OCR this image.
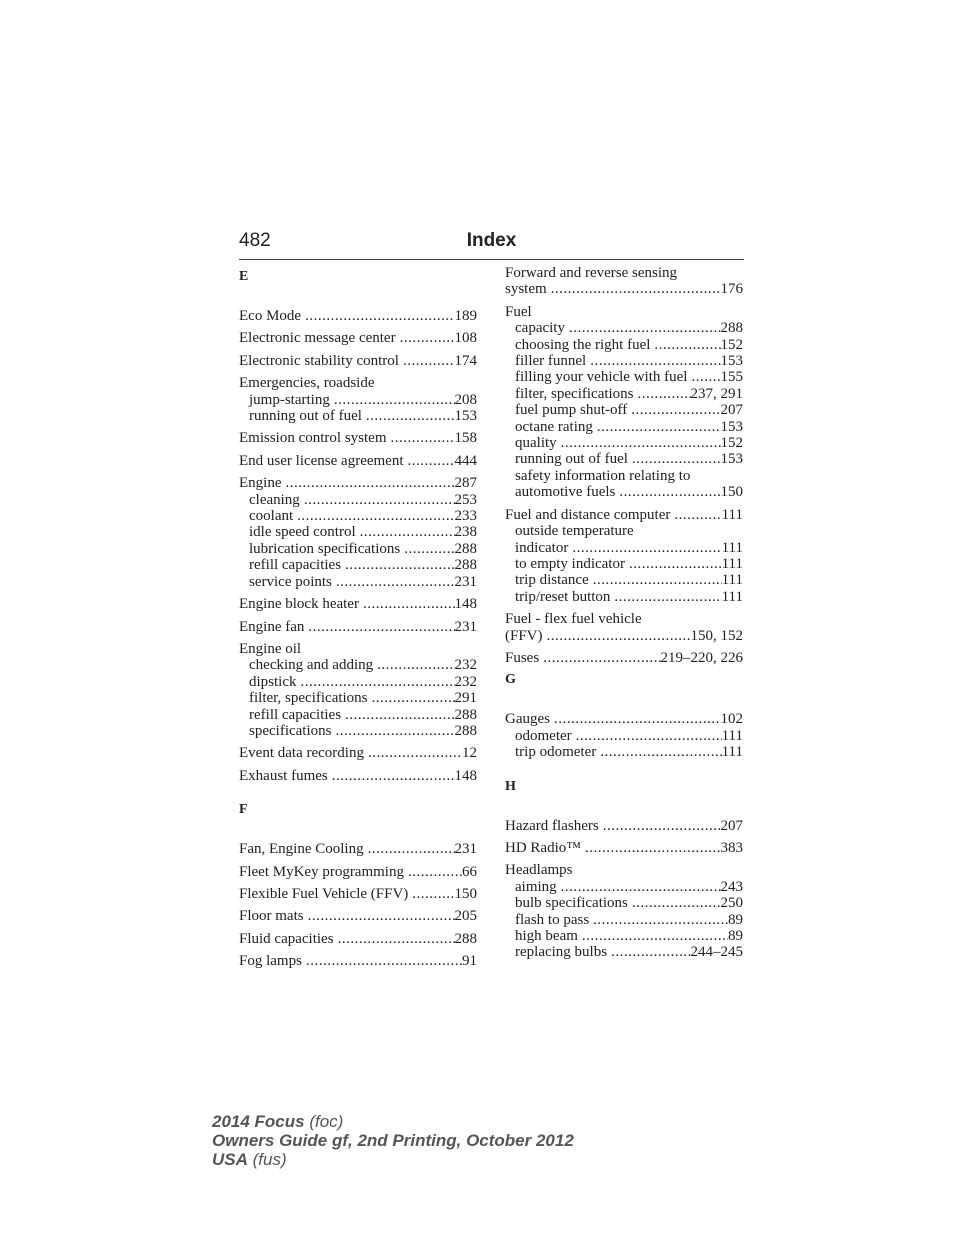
482	Index
E
Eco Mode .....	189
Electronic message center .....	108
Electronic stability control .....	174
Emergencies, roadside
jump-starting .....	208
running out of fuel .....	153
Emission control system .....	158
End user license agreement .....	444
Engine .....	287
cleaning .....	253
coolant .....	233
idle speed control .....	238
lubrication specifications .....	288
refill capacities .....	288
service points .....	231
Engine block heater .....	148
Engine fan .....	231
Engine oil
checking and adding .....	232
dipstick .....	232
filter, specifications .....	291
refill capacities .....	288
specifications .....	288
Event data recording .....	12
Exhaust fumes .....	148
F
Fan, Engine Cooling .....	231
Fleet MyKey programming .....	66
Flexible Fuel Vehicle (FFV) .....	150
Floor mats .....	205
Fluid capacities .....	288
Fog lamps .....	91
Forward and reverse sensing
system .....	176
Fuel
capacity .....	288
choosing the right fuel .....	152
filler funnel .....	153
filling your vehicle with fuel ..... 155
filter, specifications .....	237, 291
fuel pump shut-off .....	207
octane rating .....	153
quality .....	152
running out of fuel .....	153
safety information relating to
automotive fuels .....	150
Fuel and distance computer .....	111
outside temperature
indicator .....	111
to empty indicator .....	111
trip distance .....	111
trip/reset button .....	111
Fuel - flex fuel vehicle
(FFV) .....	150, 152
Fuses .....	219–220, 226
G
Gauges .....	102
odometer .....	111
trip odometer .....	111
H
Hazard flashers .....	207
HD Radio™ .....	383
Headlamps
aiming .....	243
bulb specifications .....	250
flash to pass .....	89
high beam .....	89
replacing bulbs .....	244–245
2014 Focus (foc)
Owners Guide gf, 2nd Printing, October 2012
USA (fus)
